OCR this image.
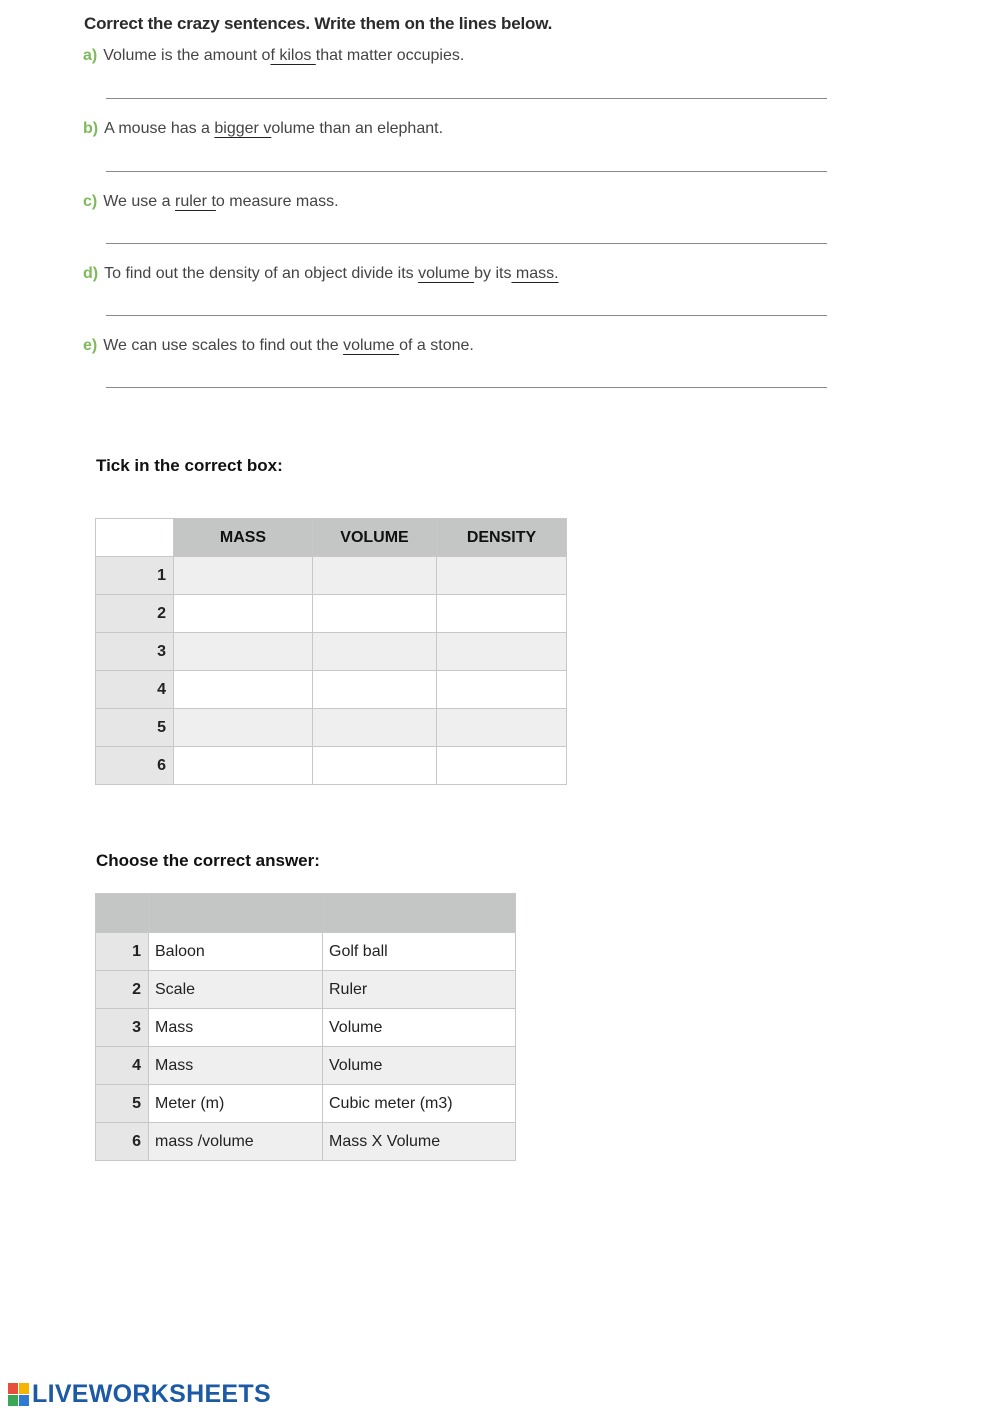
Correct the crazy sentences. Write them on the lines below.
a) Volume is the amount of kilos that matter occupies.
b) A mouse has a bigger volume than an elephant.
c) We use a ruler to measure mass.
d) To find out the density of an object divide its volume by its mass.
e) We can use scales to find out the volume of a stone.
Tick in the correct box:
	MASS	VOLUME	DENSITY
1			
2			
3			
4			
5			
6			
Choose the correct answer:

1	Baloon	Golf ball
2	Scale	Ruler
3	Mass	Volume
4	Mass	Volume
5	Meter (m)	Cubic meter (m3)
6	mass /volume	Mass X Volume
LIVEWORKSHEETS
